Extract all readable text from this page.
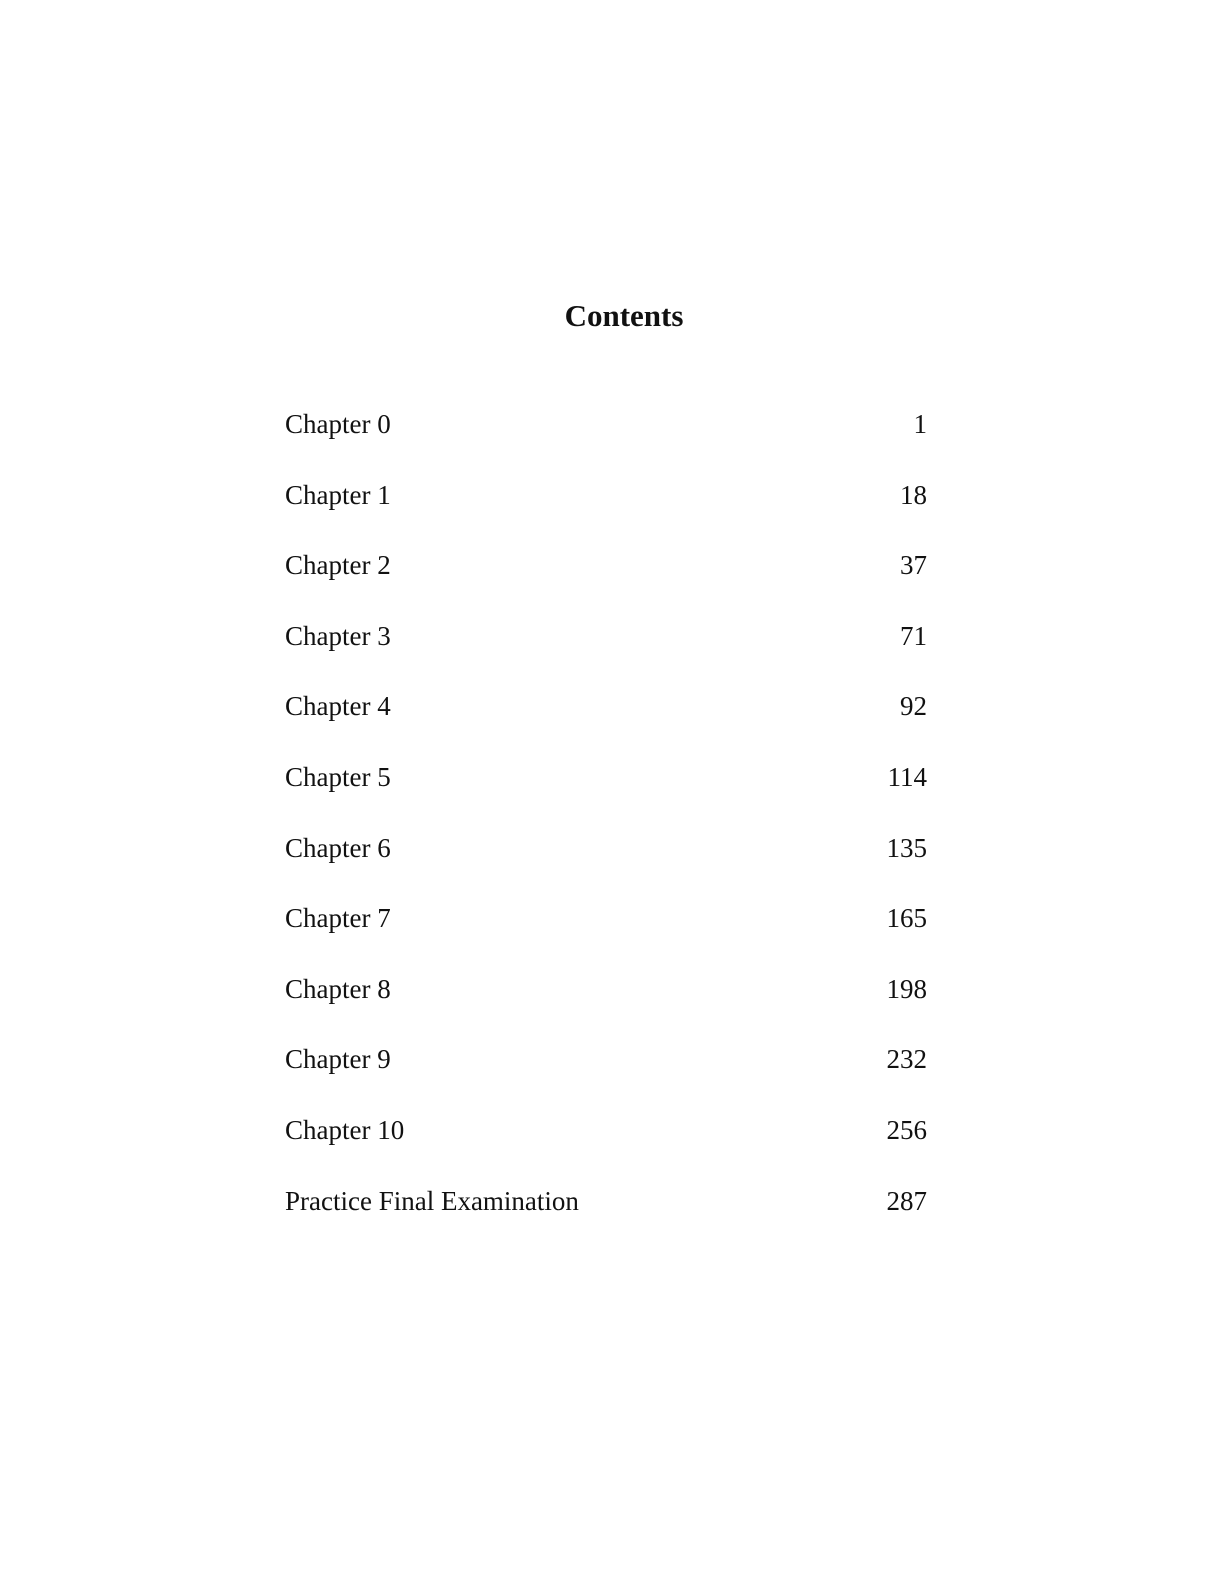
Contents
Chapter 0	1
Chapter 1	18
Chapter 2	37
Chapter 3	71
Chapter 4	92
Chapter 5	114
Chapter 6	135
Chapter 7	165
Chapter 8	198
Chapter 9	232
Chapter 10	256
Practice Final Examination	287
